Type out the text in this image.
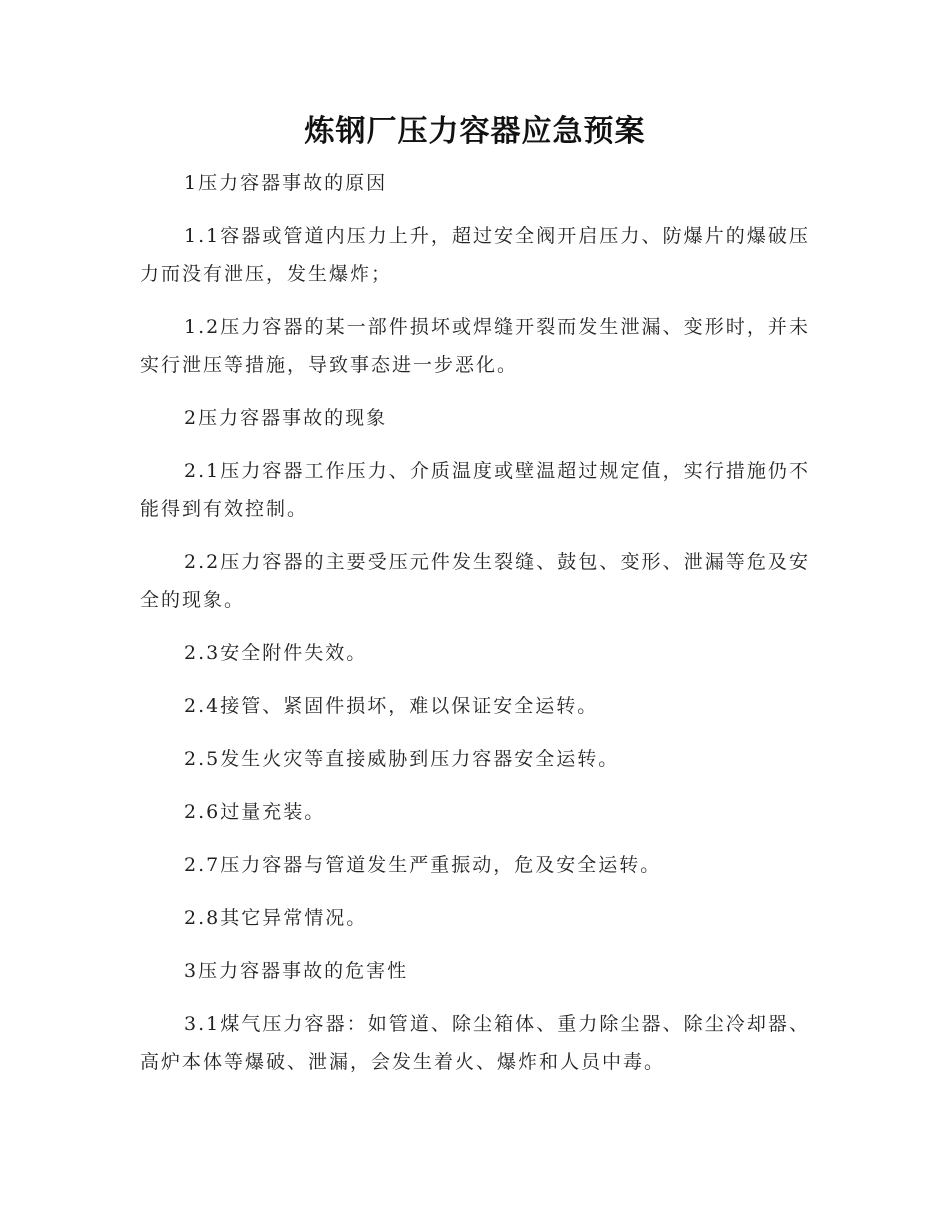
炼钢厂压力容器应急预案

1压力容器事故的原因

1.1容器或管道内压力上升，超过安全阀开启压力、防爆片的爆破压力而没有泄压，发生爆炸；

1.2压力容器的某一部件损坏或焊缝开裂而发生泄漏、变形时，并未实行泄压等措施，导致事态进一步恶化。

2压力容器事故的现象

2.1压力容器工作压力、介质温度或壁温超过规定值，实行措施仍不能得到有效控制。

2.2压力容器的主要受压元件发生裂缝、鼓包、变形、泄漏等危及安全的现象。

2.3安全附件失效。

2.4接管、紧固件损坏，难以保证安全运转。

2.5发生火灾等直接威胁到压力容器安全运转。

2.6过量充装。

2.7压力容器与管道发生严重振动，危及安全运转。

2.8其它异常情况。

3压力容器事故的危害性

3.1煤气压力容器：如管道、除尘箱体、重力除尘器、除尘冷却器、高炉本体等爆破、泄漏，会发生着火、爆炸和人员中毒。
